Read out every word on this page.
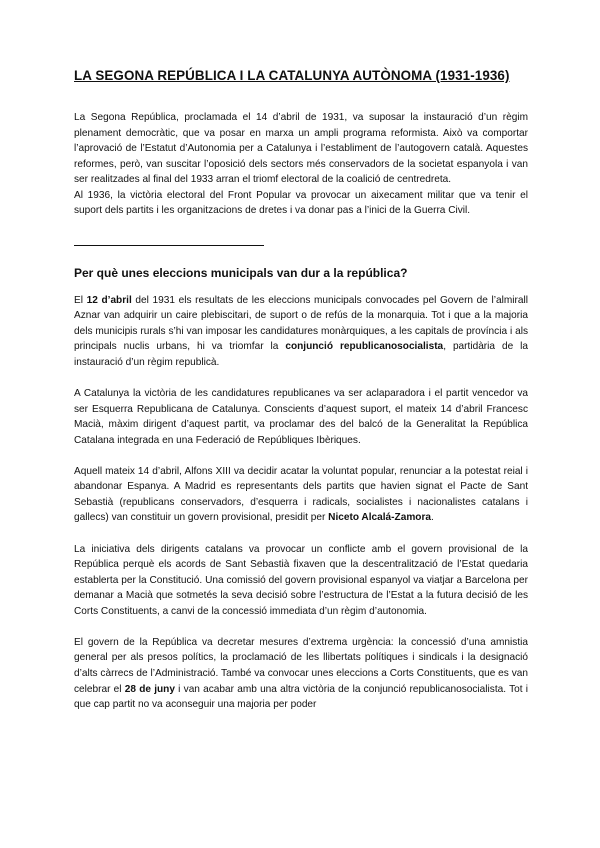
LA SEGONA REPÚBLICA I LA CATALUNYA AUTÒNOMA (1931-1936)

La Segona República, proclamada el 14 d’abril de 1931, va suposar la instauració d’un règim plenament democràtic, que va posar en marxa un ampli programa reformista. Això va comportar l’aprovació de l’Estatut d’Autonomia per a Catalunya i l’establiment de l’autogovern català. Aquestes reformes, però, van suscitar l’oposició dels sectors més conservadors de la societat espanyola i van ser realitzades al final del 1933 arran el triomf electoral de la coalició de centredreta.

Al 1936, la victòria electoral del Front Popular va provocar un aixecament militar que va tenir el suport dels partits i les organitzacions de dretes i va donar pas a l’inici de la Guerra Civil.

Per què unes eleccions municipals van dur a la república?

El 12 d’abril del 1931 els resultats de les eleccions municipals convocades pel Govern de l’almirall Aznar van adquirir un caire plebiscitari, de suport o de refús de la monarquia. Tot i que a la majoria dels municipis rurals s’hi van imposar les candidatures monàrquiques, a les capitals de província i als principals nuclis urbans, hi va triomfar la conjunció republicanosocialista, partidària de la instauració d’un règim republicà.

A Catalunya la victòria de les candidatures republicanes va ser aclaparadora i el partit vencedor va ser Esquerra Republicana de Catalunya. Conscients d’aquest suport, el mateix 14 d’abril Francesc Macià, màxim dirigent d’aquest partit, va proclamar des del balcó de la Generalitat la República Catalana integrada en una Federació de Repúbliques Ibèriques.

Aquell mateix 14 d’abril, Alfons XIII va decidir acatar la voluntat popular, renunciar a la potestat reial i abandonar Espanya. A Madrid es representants dels partits que havien signat el Pacte de Sant Sebastià (republicans conservadors, d’esquerra i radicals, socialistes i nacionalistes catalans i gallecs) van constituir un govern provisional, presidit per Niceto Alcalá-Zamora.

La iniciativa dels dirigents catalans va provocar un conflicte amb el govern provisional de la República perquè els acords de Sant Sebastià fixaven que la descentralització de l’Estat quedaria establerta per la Constitució. Una comissió del govern provisional espanyol va viatjar a Barcelona per demanar a Macià que sotmetés la seva decisió sobre l’estructura de l’Estat a la futura decisió de les Corts Constituents, a canvi de la concessió immediata d’un règim d’autonomia.

El govern de la República va decretar mesures d’extrema urgència: la concessió d’una amnistia general per als presos polítics, la proclamació de les llibertats polítiques i sindicals i la designació d’alts càrrecs de l’Administració. També va convocar unes eleccions a Corts Constituents, que es van celebrar el 28 de juny i van acabar amb una altra victòria de la conjunció republicanosocialista. Tot i que cap partit no va aconseguir una majoria per poder
